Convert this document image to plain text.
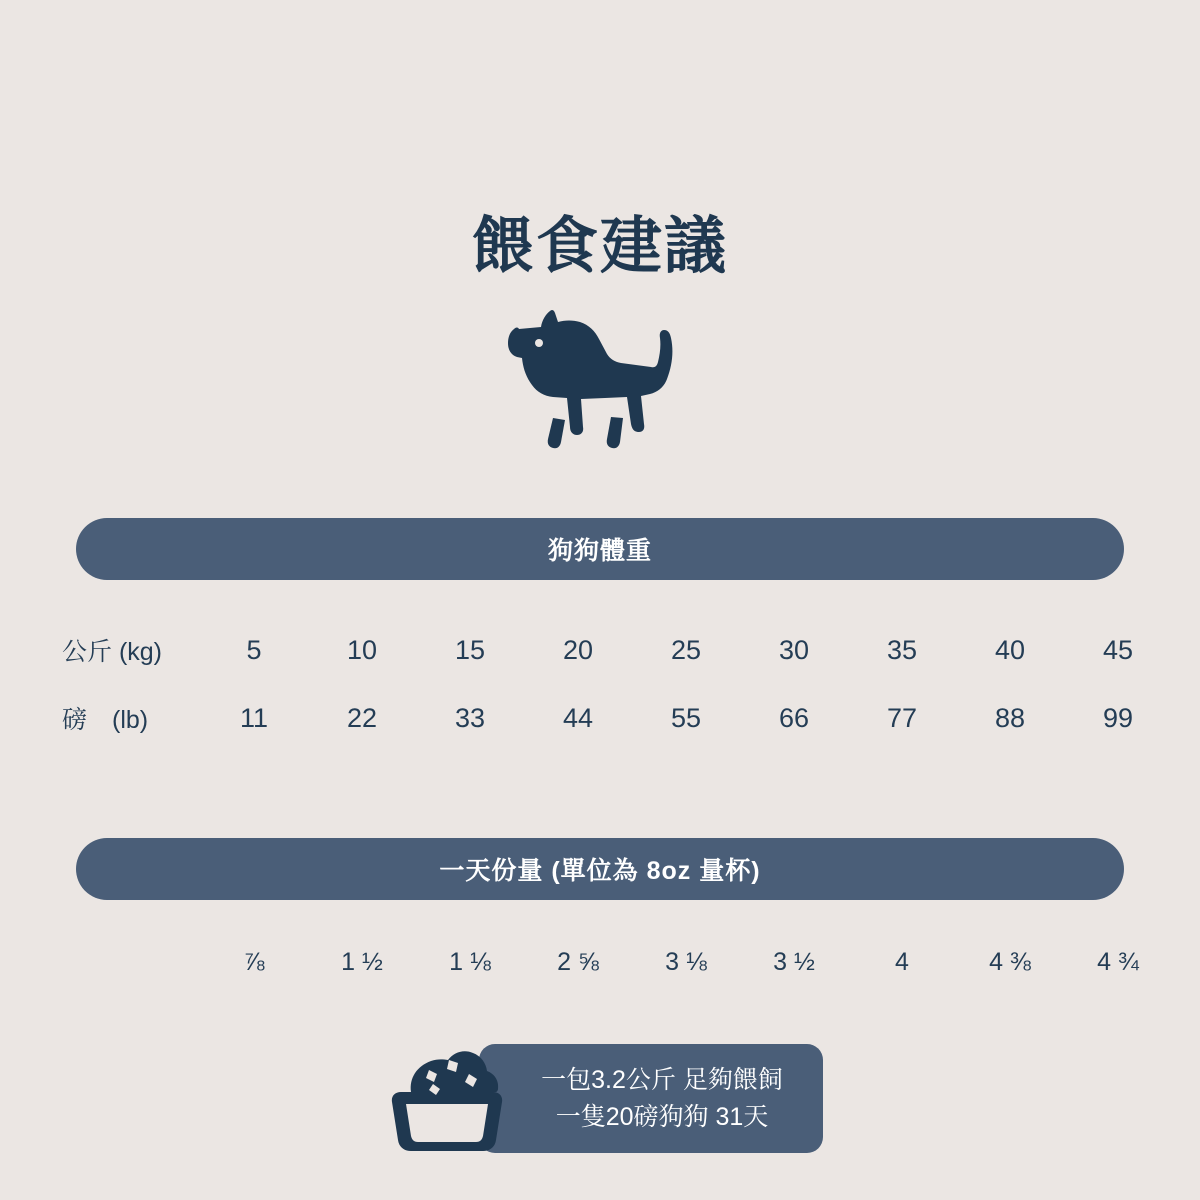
餵食建議
狗狗體重
公斤 (kg)	5	10	15	20	25	30	35	40	45
磅　(lb)	11	22	33	44	55	66	77	88	99
一天份量 (單位為 8oz 量杯)
⅞	1 ½	1 ⅛	2 ⅝	3 ⅛	3 ½	4	4 ⅜	4 ¾
一包3.2公斤 足夠餵飼
一隻20磅狗狗 31天
